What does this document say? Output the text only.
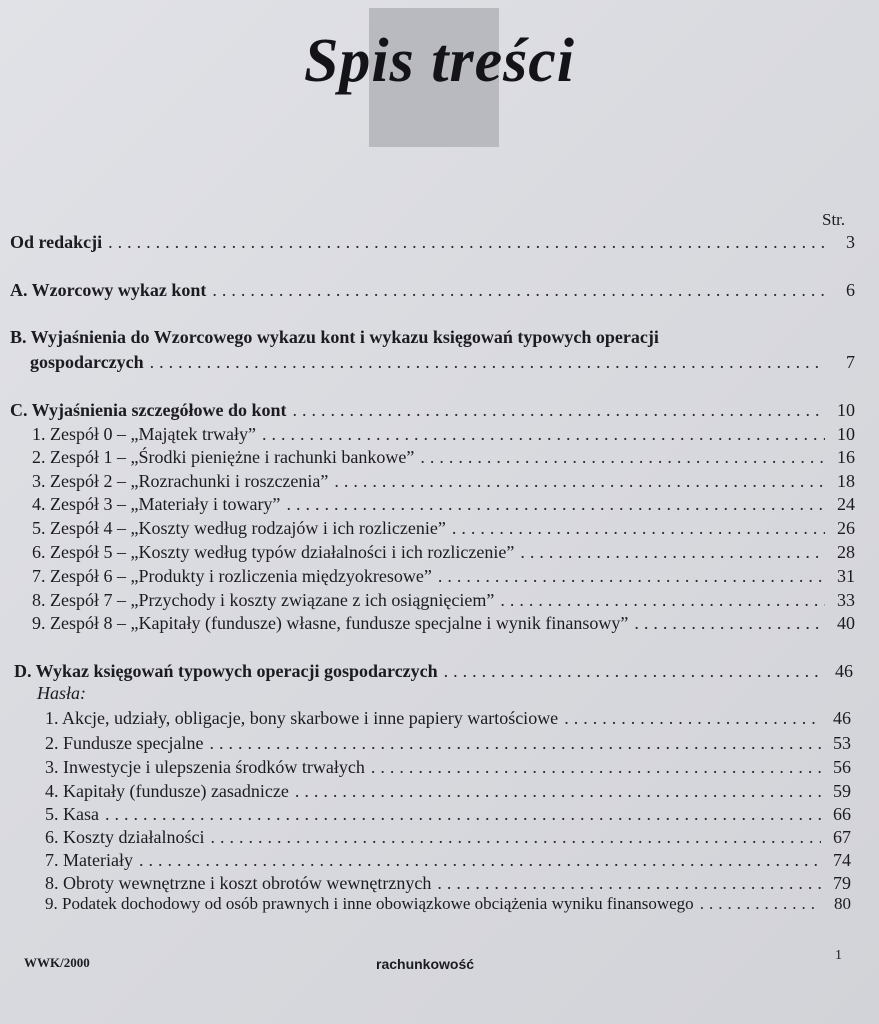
Spis treści
Str.
Od redakcji .....	3
A. Wzorcowy wykaz kont .....	6
B. Wyjaśnienia do Wzorcowego wykazu kont i wykazu księgowań typowych operacji
gospodarczych .....	7
C. Wyjaśnienia szczegółowe do kont .....	10
1. Zespół 0 – „Majątek trwały” .....	10
2. Zespół 1 – „Środki pieniężne i rachunki bankowe” .....	16
3. Zespół 2 – „Rozrachunki i roszczenia” .....	18
4. Zespół 3 – „Materiały i towary” .....	24
5. Zespół 4 – „Koszty według rodzajów i ich rozliczenie” .....	26
6. Zespół 5 – „Koszty według typów działalności i ich rozliczenie” .....	28
7. Zespół 6 – „Produkty i rozliczenia międzyokresowe” .....	31
8. Zespół 7 – „Przychody i koszty związane z ich osiągnięciem” .....	33
9. Zespół 8 – „Kapitały (fundusze) własne, fundusze specjalne i wynik finansowy” .....	40
D. Wykaz księgowań typowych operacji gospodarczych .....	46
Hasła:
1. Akcje, udziały, obligacje, bony skarbowe i inne papiery wartościowe .....	46
2. Fundusze specjalne .....	53
3. Inwestycje i ulepszenia środków trwałych .....	56
4. Kapitały (fundusze) zasadnicze .....	59
5. Kasa .....	66
6. Koszty działalności .....	67
7. Materiały .....	74
8. Obroty wewnętrzne i koszt obrotów wewnętrznych .....	79
9. Podatek dochodowy od osób prawnych i inne obowiązkowe obciążenia wyniku finansowego .....	80
WWK/2000	rachunkowość
1
